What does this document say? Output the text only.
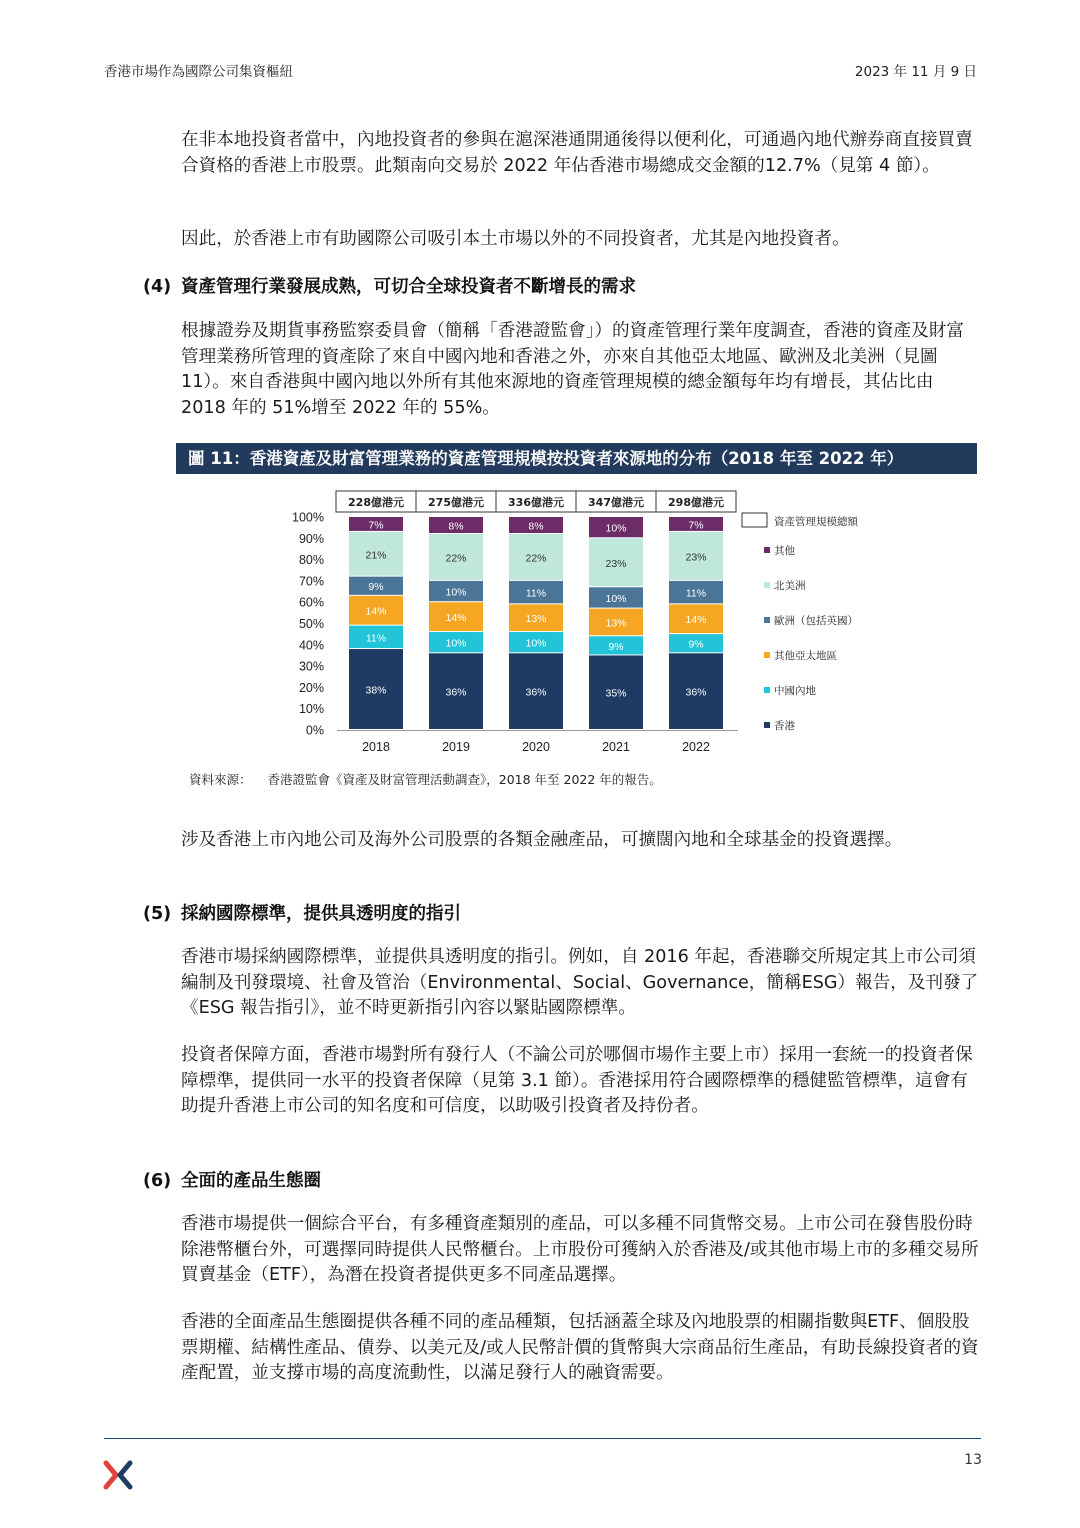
香港市場作為國際公司集資樞紐	2023 年 11 月 9 日

在非本地投資者當中，內地投資者的參與在滬深港通開通後得以便利化，可通過內地代辦券商直接買賣合資格的香港上市股票。此類南向交易於 2022 年佔香港市場總成交金額的12.7%（見第 4 節）。

因此，於香港上市有助國際公司吸引本土市場以外的不同投資者，尤其是內地投資者。

(4) 資產管理行業發展成熟，可切合全球投資者不斷增長的需求

根據證券及期貨事務監察委員會（簡稱「香港證監會」）的資產管理行業年度調查，香港的資產及財富管理業務所管理的資產除了來自中國內地和香港之外，亦來自其他亞太地區、歐洲及北美洲（見圖 11）。來自香港與中國內地以外所有其他來源地的資產管理規模的總金額每年均有增長，其佔比由 2018 年的 51%增至 2022 年的 55%。

圖 11：香港資產及財富管理業務的資產管理規模按投資者來源地的分布（2018 年至 2022 年）
0%
10%
20%
30%
40%
50%
60%
70%
80%
90%
100%
38%
11%
14%
9%
21%
7%
228億港元
2018
36%
10%
14%
10%
22%
8%
275億港元
2019
36%
10%
13%
11%
22%
8%
336億港元
2020
35%
9%
13%
10%
23%
10%
347億港元
2021
36%
9%
14%
11%
23%
7%
298億港元
2022
資產管理規模總額
其他
北美洲
歐洲（包括英國）
其他亞太地區
中國內地
香港
資料來源： 香港證監會《資產及財富管理活動調查》，2018 年至 2022 年的報告。

涉及香港上市內地公司及海外公司股票的各類金融產品，可擴闊內地和全球基金的投資選擇。

(5) 採納國際標準，提供具透明度的指引

香港市場採納國際標準，並提供具透明度的指引。例如，自 2016 年起，香港聯交所規定其上市公司須編制及刊發環境、社會及管治（Environmental、Social、Governance，簡稱ESG）報告，及刊發了《ESG 報告指引》，並不時更新指引內容以緊貼國際標準。

投資者保障方面，香港市場對所有發行人（不論公司於哪個市場作主要上市）採用一套統一的投資者保障標準，提供同一水平的投資者保障（見第 3.1 節）。香港採用符合國際標準的穩健監管標準，這會有助提升香港上市公司的知名度和可信度，以助吸引投資者及持份者。

(6) 全面的產品生態圈

香港市場提供一個綜合平台，有多種資產類別的產品，可以多種不同貨幣交易。上市公司在發售股份時除港幣櫃台外，可選擇同時提供人民幣櫃台。上市股份可獲納入於香港及/或其他市場上市的多種交易所買賣基金（ETF），為潛在投資者提供更多不同產品選擇。

香港的全面產品生態圈提供各種不同的產品種類，包括涵蓋全球及內地股票的相關指數與ETF、個股股票期權、結構性產品、債券、以美元及/或人民幣計價的貨幣與大宗商品衍生產品，有助長線投資者的資產配置，並支撐市場的高度流動性，以滿足發行人的融資需要。

13
